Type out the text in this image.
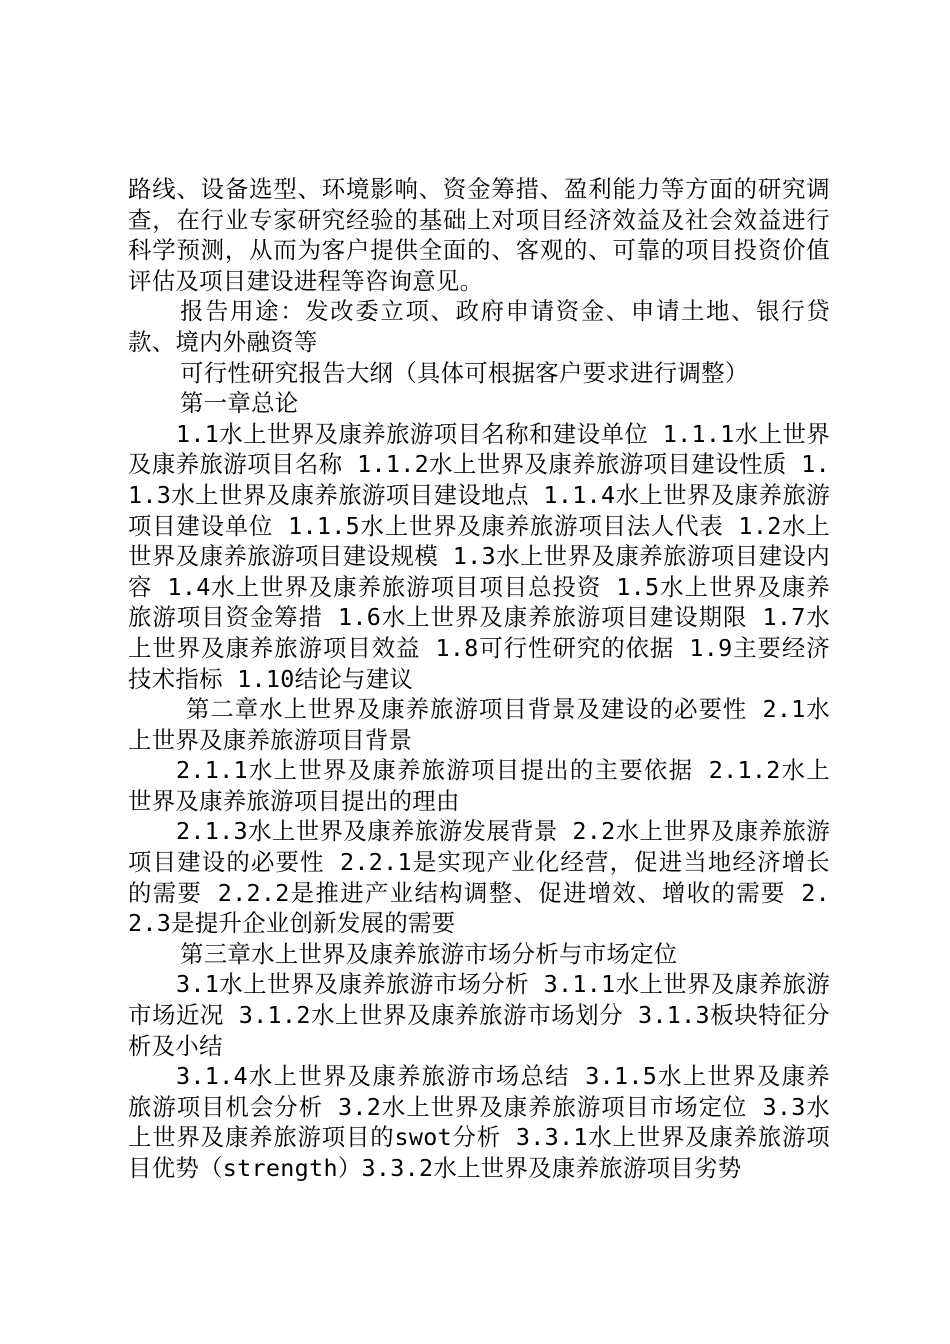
路线、设备选型、环境影响、资金筹措、盈利能力等方面的研究调查，在行业专家研究经验的基础上对项目经济效益及社会效益进行科学预测，从而为客户提供全面的、客观的、可靠的项目投资价值评估及项目建设进程等咨询意见。

报告用途：发改委立项、政府申请资金、申请土地、银行贷款、境内外融资等

可行性研究报告大纲（具体可根据客户要求进行调整）

第一章总论

1.1水上世界及康养旅游项目名称和建设单位 1.1.1水上世界及康养旅游项目名称 1.1.2水上世界及康养旅游项目建设性质 1.1.3水上世界及康养旅游项目建设地点 1.1.4水上世界及康养旅游项目建设单位 1.1.5水上世界及康养旅游项目法人代表 1.2水上世界及康养旅游项目建设规模 1.3水上世界及康养旅游项目建设内容 1.4水上世界及康养旅游项目项目总投资 1.5水上世界及康养旅游项目资金筹措 1.6水上世界及康养旅游项目建设期限 1.7水上世界及康养旅游项目效益 1.8可行性研究的依据 1.9主要经济技术指标 1.10结论与建议

第二章水上世界及康养旅游项目背景及建设的必要性 2.1水上世界及康养旅游项目背景

2.1.1水上世界及康养旅游项目提出的主要依据 2.1.2水上世界及康养旅游项目提出的理由

2.1.3水上世界及康养旅游发展背景 2.2水上世界及康养旅游项目建设的必要性 2.2.1是实现产业化经营，促进当地经济增长的需要 2.2.2是推进产业结构调整、促进增效、增收的需要 2.2.3是提升企业创新发展的需要

第三章水上世界及康养旅游市场分析与市场定位

3.1水上世界及康养旅游市场分析 3.1.1水上世界及康养旅游市场近况 3.1.2水上世界及康养旅游市场划分 3.1.3板块特征分析及小结

3.1.4水上世界及康养旅游市场总结 3.1.5水上世界及康养旅游项目机会分析 3.2水上世界及康养旅游项目市场定位 3.3水上世界及康养旅游项目的swot分析 3.3.1水上世界及康养旅游项目优势（strength）3.3.2水上世界及康养旅游项目劣势
